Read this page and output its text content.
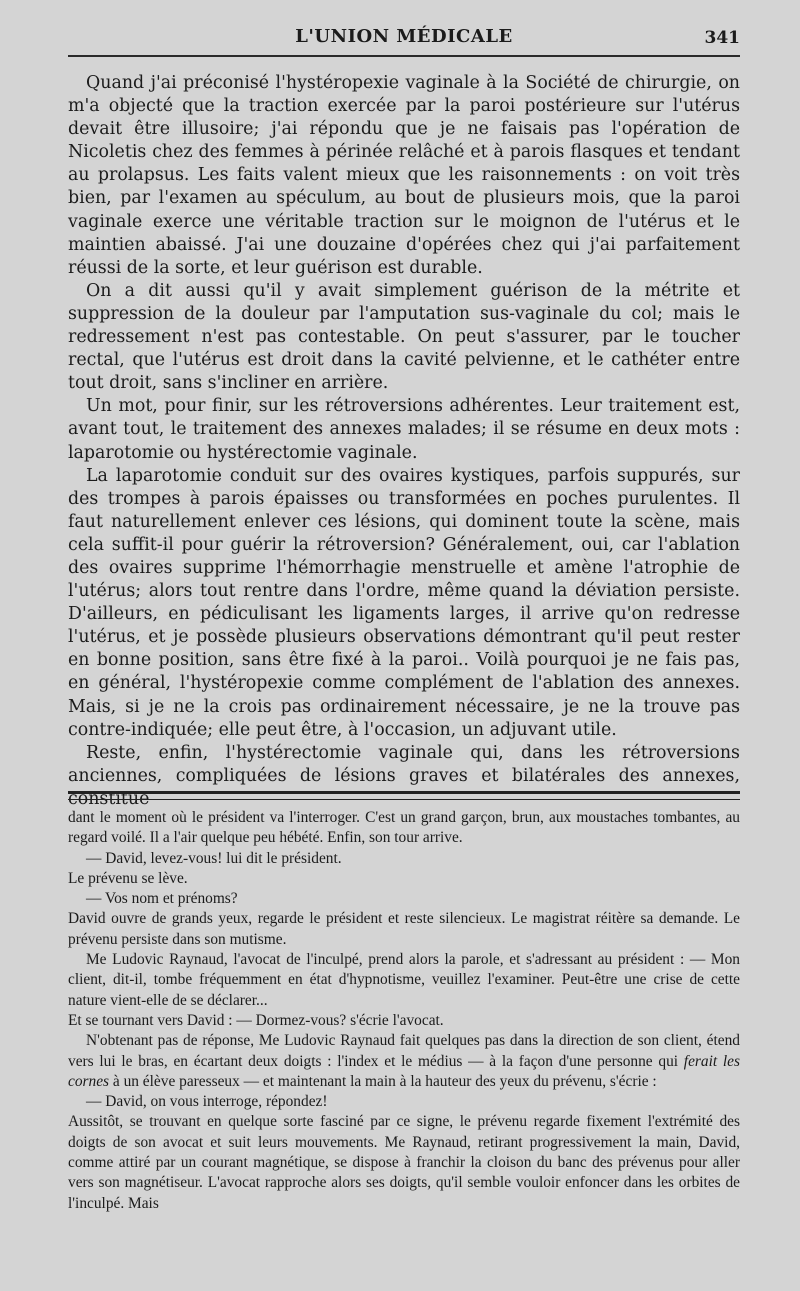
L'UNION MÉDICALE	341

Quand j'ai préconisé l'hystéropexie vaginale à la Société de chirurgie, on m'a objecté que la traction exercée par la paroi postérieure sur l'utérus devait être illusoire; j'ai répondu que je ne faisais pas l'opération de Nicoletis chez des femmes à périnée relâché et à parois flasques et tendant au prolapsus. Les faits valent mieux que les raisonnements : on voit très bien, par l'examen au spéculum, au bout de plusieurs mois, que la paroi vaginale exerce une véritable traction sur le moignon de l'utérus et le maintien abaissé. J'ai une douzaine d'opérées chez qui j'ai parfaitement réussi de la sorte, et leur guérison est durable.

On a dit aussi qu'il y avait simplement guérison de la métrite et suppression de la douleur par l'amputation sus-vaginale du col; mais le redressement n'est pas contestable. On peut s'assurer, par le toucher rectal, que l'utérus est droit dans la cavité pelvienne, et le cathéter entre tout droit, sans s'incliner en arrière.

Un mot, pour finir, sur les rétroversions adhérentes. Leur traitement est, avant tout, le traitement des annexes malades; il se résume en deux mots : laparotomie ou hystérectomie vaginale.

La laparotomie conduit sur des ovaires kystiques, parfois suppurés, sur des trompes à parois épaisses ou transformées en poches purulentes. Il faut naturellement enlever ces lésions, qui dominent toute la scène, mais cela suffit-il pour guérir la rétroversion? Généralement, oui, car l'ablation des ovaires supprime l'hémorrhagie menstruelle et amène l'atrophie de l'utérus; alors tout rentre dans l'ordre, même quand la déviation persiste. D'ailleurs, en pédiculisant les ligaments larges, il arrive qu'on redresse l'utérus, et je possède plusieurs observations démontrant qu'il peut rester en bonne position, sans être fixé à la paroi.. Voilà pourquoi je ne fais pas, en général, l'hystéropexie comme complément de l'ablation des annexes. Mais, si je ne la crois pas ordinairement nécessaire, je ne la trouve pas contre-indiquée; elle peut être, à l'occasion, un adjuvant utile.

Reste, enfin, l'hystérectomie vaginale qui, dans les rétroversions anciennes, compliquées de lésions graves et bilatérales des annexes, constitue

dant le moment où le président va l'interroger. C'est un grand garçon, brun, aux moustaches tombantes, au regard voilé. Il a l'air quelque peu hébété. Enfin, son tour arrive.

— David, levez-vous! lui dit le président.

Le prévenu se lève.

— Vos nom et prénoms?

David ouvre de grands yeux, regarde le président et reste silencieux. Le magistrat réitère sa demande. Le prévenu persiste dans son mutisme.

Me Ludovic Raynaud, l'avocat de l'inculpé, prend alors la parole, et s'adressant au président : — Mon client, dit-il, tombe fréquemment en état d'hypnotisme, veuillez l'examiner. Peut-être une crise de cette nature vient-elle de se déclarer...

Et se tournant vers David : — Dormez-vous? s'écrie l'avocat.

N'obtenant pas de réponse, Me Ludovic Raynaud fait quelques pas dans la direction de son client, étend vers lui le bras, en écartant deux doigts : l'index et le médius — à la façon d'une personne qui ferait les cornes à un élève paresseux — et maintenant la main à la hauteur des yeux du prévenu, s'écrie :

— David, on vous interroge, répondez!

Aussitôt, se trouvant en quelque sorte fasciné par ce signe, le prévenu regarde fixement l'extrémité des doigts de son avocat et suit leurs mouvements. Me Raynaud, retirant progressivement la main, David, comme attiré par un courant magnétique, se dispose à franchir la cloison du banc des prévenus pour aller vers son magnétiseur. L'avocat rapproche alors ses doigts, qu'il semble vouloir enfoncer dans les orbites de l'inculpé. Mais
